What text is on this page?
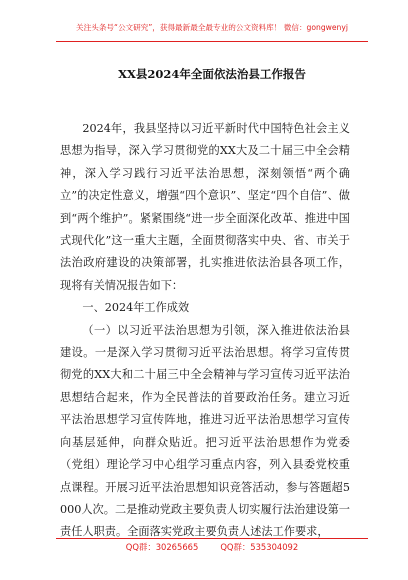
关注头条号“公文研究”，获得最新最全最专业的公文资料库！ 微信：gongwenyj
XX县2024年全面依法治县工作报告

2024年，我县坚持以习近平新时代中国特色社会主义思想为指导，深入学习贯彻党的XX大及二十届三中全会精神，深入学习践行习近平法治思想，深刻领悟“两个确立”的决定性意义，增强“四个意识”、坚定“四个自信”、做到“两个维护”。紧紧围绕“进一步全面深化改革、推进中国式现代化”这一重大主题，全面贯彻落实中央、省、市关于法治政府建设的决策部署，扎实推进依法治县各项工作，现将有关情况报告如下：

一、2024年工作成效

（一）以习近平法治思想为引领，深入推进依法治县建设。一是深入学习贯彻习近平法治思想。将学习宣传贯彻党的XX大和二十届三中全会精神与学习宣传习近平法治思想结合起来，作为全民普法的首要政治任务。建立习近平法治思想学习宣传阵地，推进习近平法治思想学习宣传向基层延伸，向群众贴近。把习近平法治思想作为党委（党组）理论学习中心组学习重点内容，列入县委党校重点课程。开展习近平法治思想知识竞答活动，参与答题超5000人次。二是推动党政主要负责人切实履行法治建设第一责任人职责。全面落实党政主要负责人述法工作要求，

QQ群：30265665	QQ群：535304092
